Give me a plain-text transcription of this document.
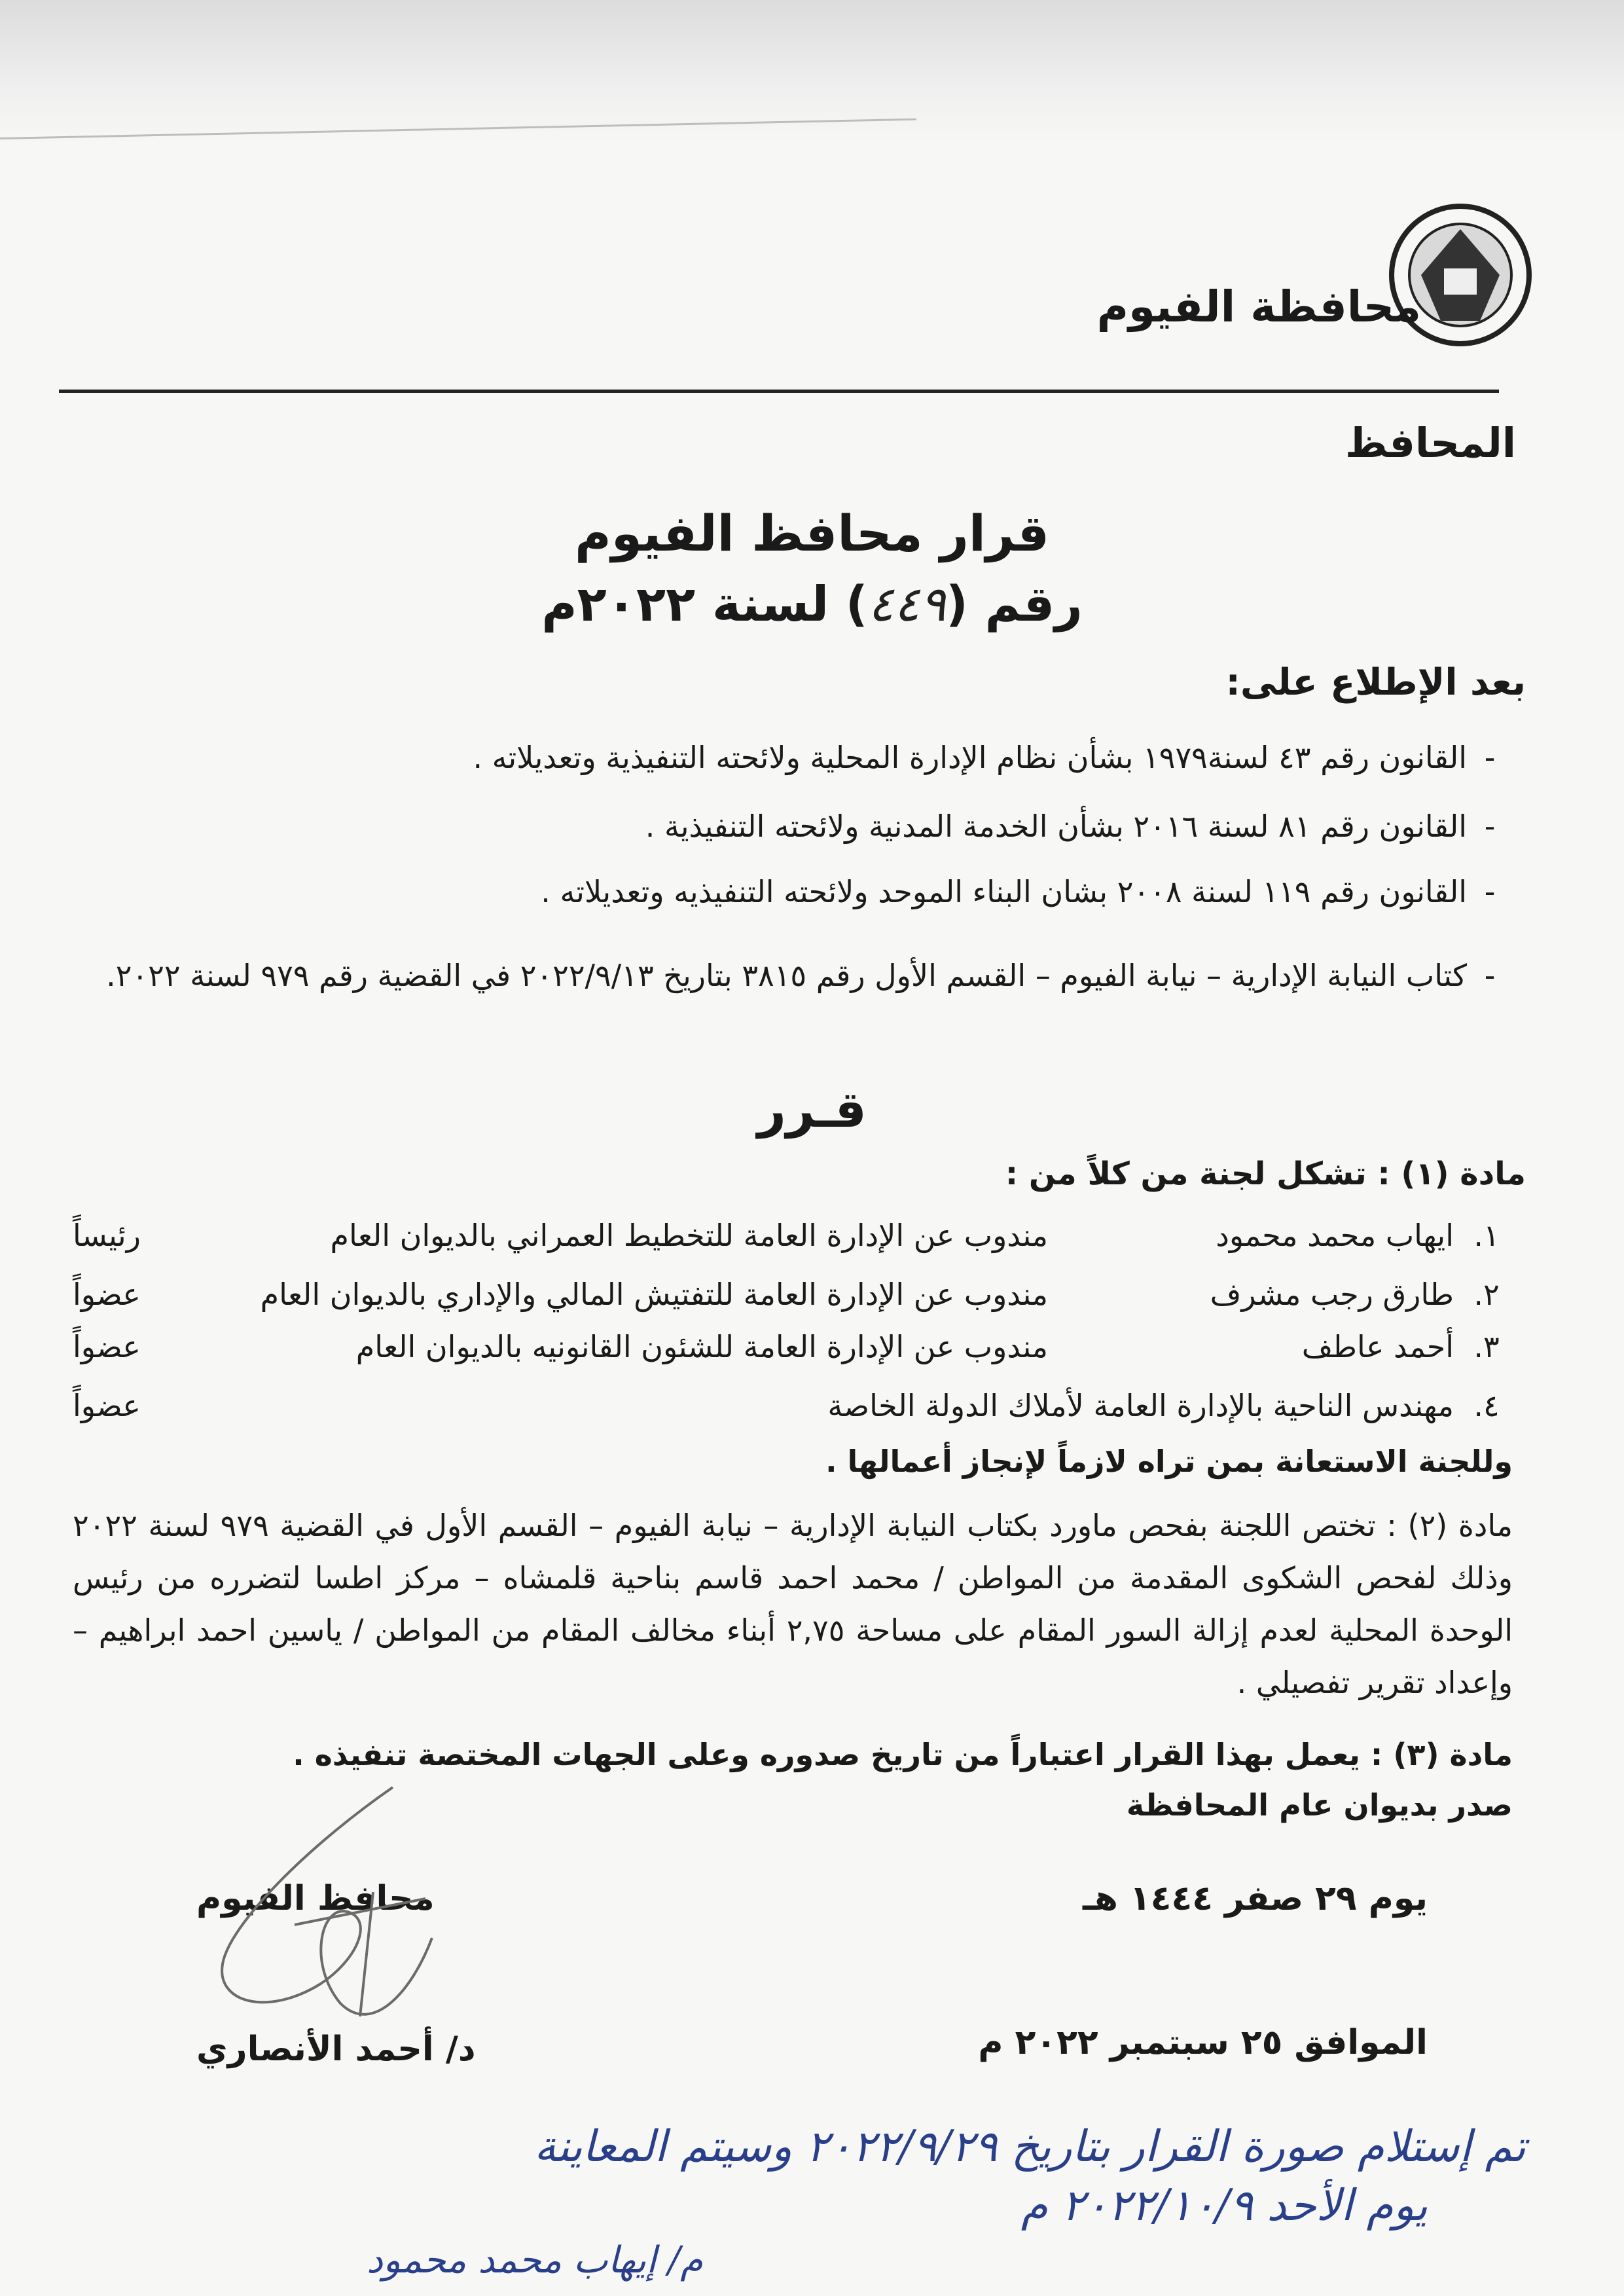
محافظة الفيوم
المحافظ
قرار محافظ الفيوم
رقم (٤٤٩) لسنة ٢٠٢٢م
بعد الإطلاع على:
-القانون رقم ٤٣ لسنة١٩٧٩ بشأن نظام الإدارة المحلية ولائحته التنفيذية وتعديلاته .
-القانون رقم ٨١ لسنة ٢٠١٦ بشأن الخدمة المدنية ولائحته التنفيذية .
-القانون رقم ١١٩ لسنة ٢٠٠٨ بشان البناء الموحد ولائحته التنفيذيه وتعديلاته .
-كتاب النيابة الإدارية – نيابة الفيوم – القسم الأول رقم ٣٨١٥ بتاريخ ٢٠٢٢/٩/١٣ في القضية رقم ٩٧٩ لسنة ٢٠٢٢.
قـرر
مادة (١) : تشكل لجنة من كلاً من :
١.
ايهاب محمد محمود
مندوب عن الإدارة العامة للتخطيط العمراني بالديوان العام
رئيساً
٢.
طارق رجب مشرف
مندوب عن الإدارة العامة للتفتيش المالي والإداري بالديوان العام
عضواً
٣.
أحمد عاطف
مندوب عن الإدارة العامة للشئون القانونيه بالديوان العام
عضواً
٤.
مهندس الناحية بالإدارة العامة لأملاك الدولة الخاصة
عضواً
وللجنة الاستعانة بمن تراه لازماً لإنجاز أعمالها .
مادة (٢) : تختص اللجنة بفحص ماورد بكتاب النيابة الإدارية – نيابة الفيوم – القسم الأول في القضية ٩٧٩ لسنة ٢٠٢٢ وذلك لفحص الشكوى المقدمة من المواطن / محمد احمد قاسم بناحية قلمشاه – مركز اطسا لتضرره من رئيس الوحدة المحلية لعدم إزالة السور المقام على مساحة ٢,٧٥ أبناء مخالف المقام من المواطن / ياسين احمد ابراهيم – وإعداد تقرير تفصيلي .
مادة (٣) : يعمل بهذا القرار اعتباراً من تاريخ صدوره وعلى الجهات المختصة تنفيذه .
صدر بديوان عام المحافظة
محافظ الفيوم	يوم ٢٩ صفر ١٤٤٤ هـ
د/ أحمد الأنصاري	الموافق ٢٥ سبتمبر ٢٠٢٢ م
تم إستلام صورة القرار بتاريخ ٢٠٢٢/٩/٢٩ وسيتم المعاينة
يوم الأحد ٢٠٢٢/١٠/٩ م
م/ إيهاب محمد محمود
